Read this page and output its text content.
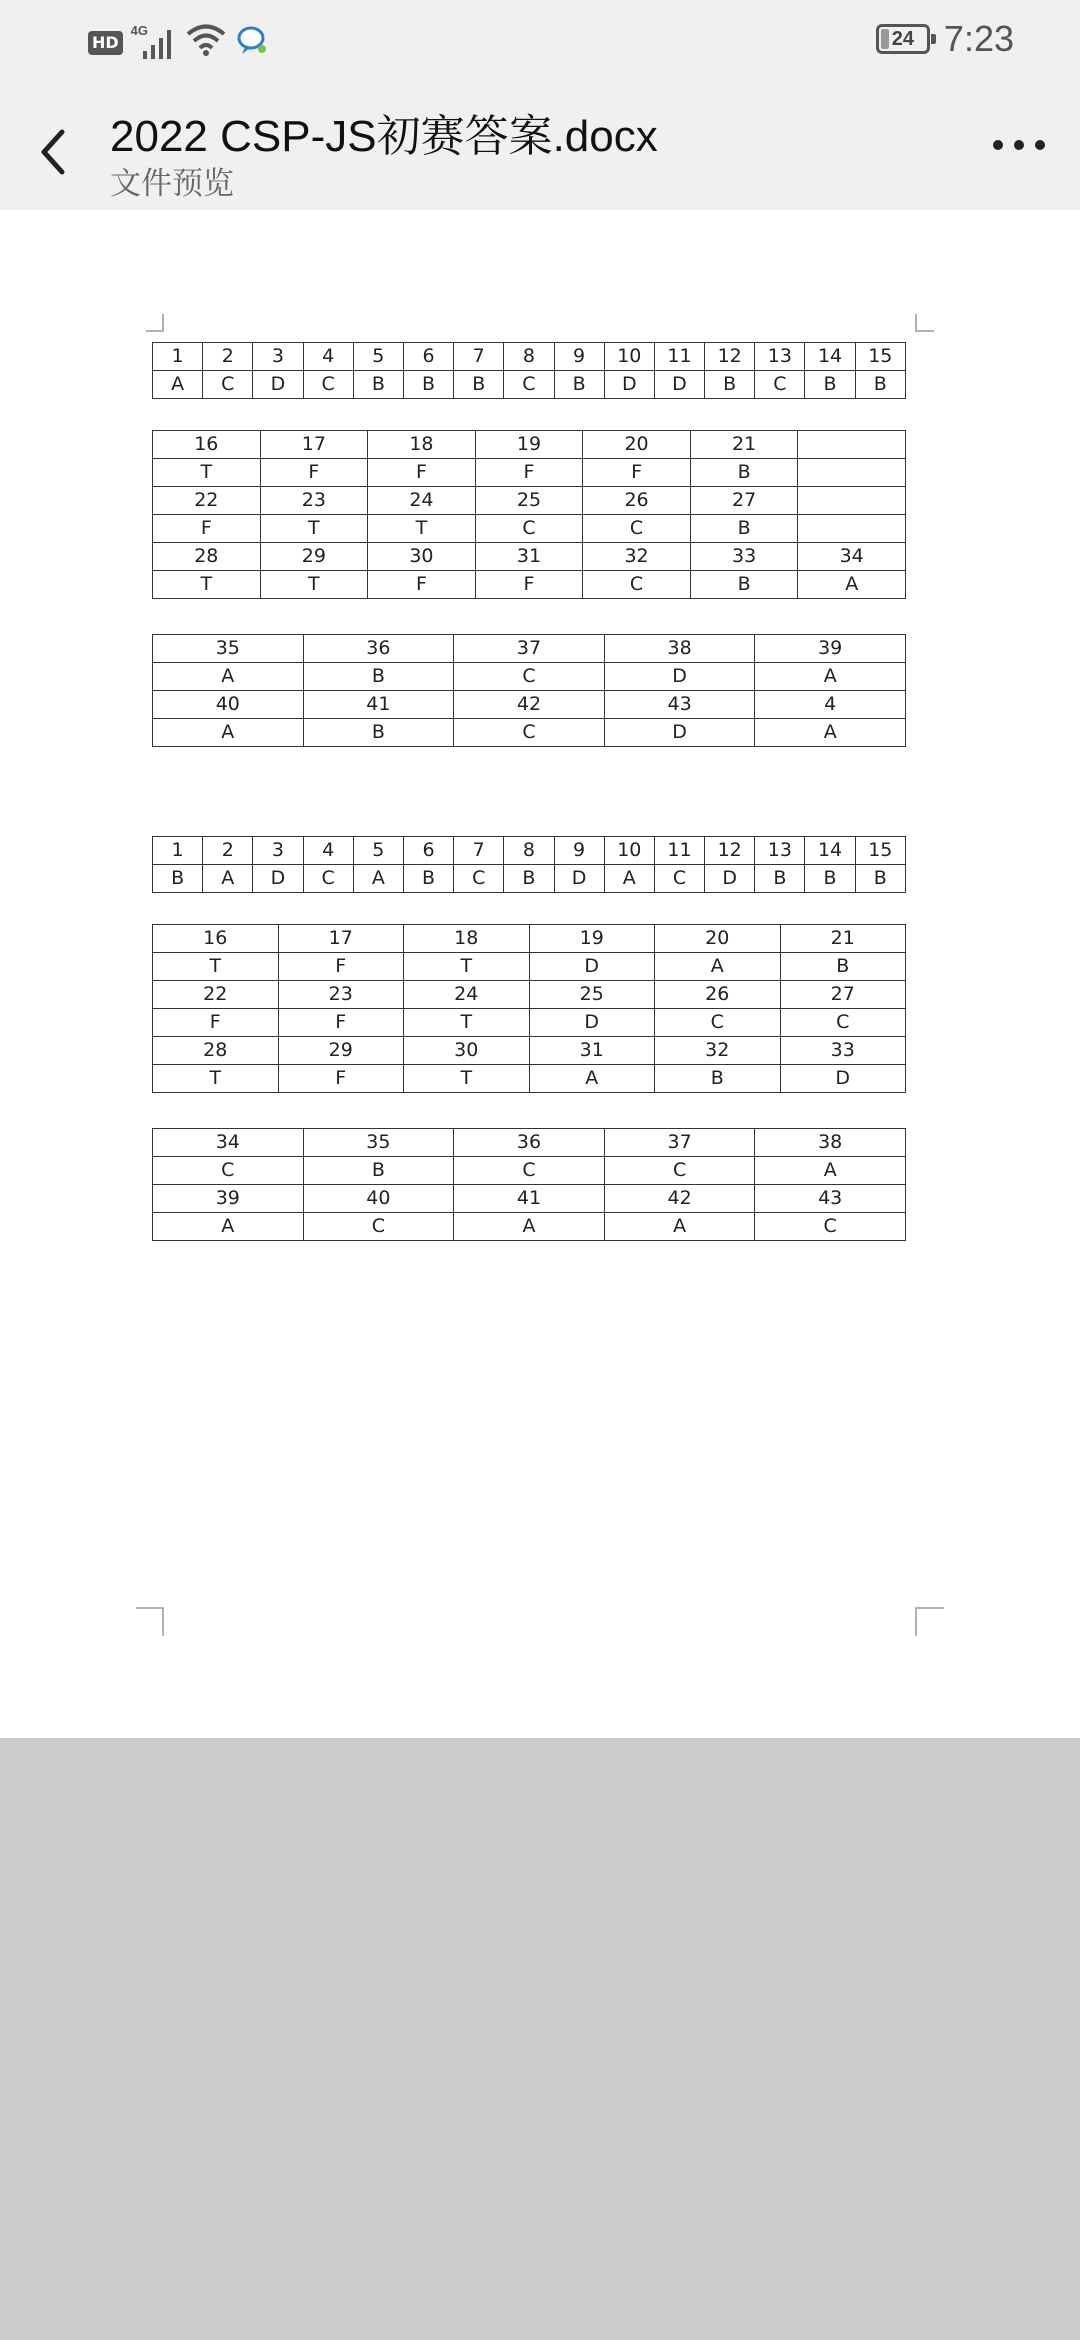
HD
4G	24 7:23
2022 CSP-JS初赛答案.docx
文件预览
1	2	3	4	5	6	7	8	9	10	11	12	13	14	15
A	C	D	C	B	B	B	C	B	D	D	B	C	B	B
16	17	18	19	20	21	
T	F	F	F	F	B	
22	23	24	25	26	27	
F	T	T	C	C	B	
28	29	30	31	32	33	34
T	T	F	F	C	B	A
35	36	37	38	39
A	B	C	D	A
40	41	42	43	4
A	B	C	D	A
1	2	3	4	5	6	7	8	9	10	11	12	13	14	15
B	A	D	C	A	B	C	B	D	A	C	D	B	B	B
16	17	18	19	20	21
T	F	T	D	A	B
22	23	24	25	26	27
F	F	T	D	C	C
28	29	30	31	32	33
T	F	T	A	B	D
34	35	36	37	38
C	B	C	C	A
39	40	41	42	43
A	C	A	A	C
